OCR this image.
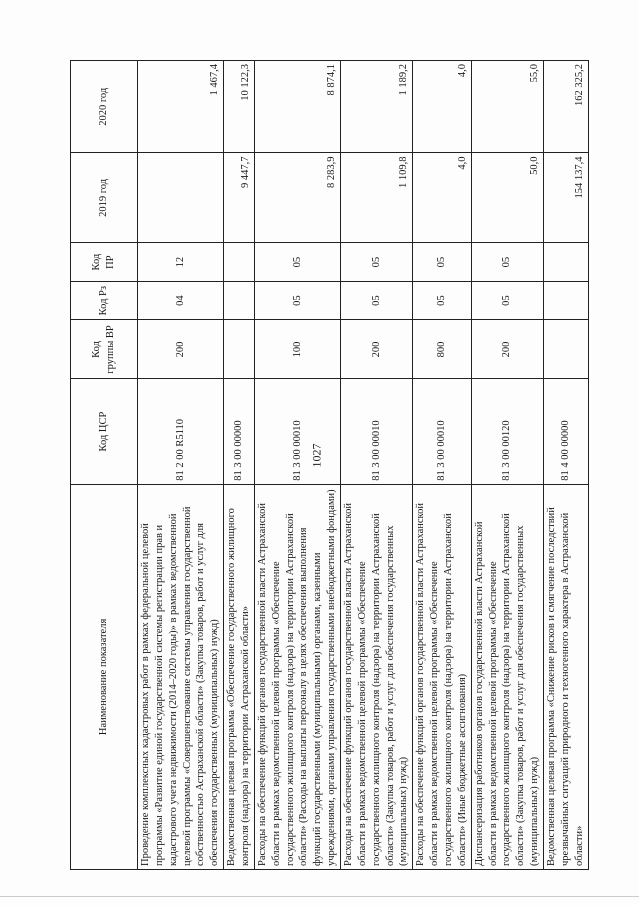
1027
Наименование показателя	Код ЦСР	Код группы ВР	Код Рз	Код ПР	2019 год	2020 год
Проведение комплексных кадастровых работ в рамках федеральной целевой программы «Развитие единой государственной системы регистрации прав и кадастрового учета недвижимости (2014–2020 годы)» в рамках ведомственной целевой программы «Совершенствование системы управления государственной собственностью Астраханской области» (Закупка товаров, работ и услуг для обеспечения государственных (муниципальных) нужд)	81 2 00 R5110	200	04	12		1 467,4
Ведомственная целевая программа «Обеспечение государственного жилищного контроля (надзора) на территории Астраханской области»	81 3 00 00000				9 447,7	10 122,3
Расходы на обеспечение функций органов государственной власти Астраханской области в рамках ведомственной целевой программы «Обеспечение государственного жилищного контроля (надзора) на территории Астраханской области» (Расходы на выплаты персоналу в целях обеспечения выполнения функций государственными (муниципальными) органами, казенными учреждениями, органами управления государственными внебюджетными фондами)	81 3 00 00010	100	05	05	8 283,9	8 874,1
Расходы на обеспечение функций органов государственной власти Астраханской области в рамках ведомственной целевой программы «Обеспечение государственного жилищного контроля (надзора) на территории Астраханской области» (Закупка товаров, работ и услуг для обеспечения государственных (муниципальных) нужд)	81 3 00 00010	200	05	05	1 109,8	1 189,2
Расходы на обеспечение функций органов государственной власти Астраханской области в рамках ведомственной целевой программы «Обеспечение государственного жилищного контроля (надзора) на территории Астраханской области» (Иные бюджетные ассигнования)	81 3 00 00010	800	05	05	4,0	4,0
Диспансеризация работников органов государственной власти Астраханской области в рамках ведомственной целевой программы «Обеспечение государственного жилищного контроля (надзора) на территории Астраханской области» (Закупка товаров, работ и услуг для обеспечения государственных (муниципальных) нужд)	81 3 00 00120	200	05	05	50,0	55,0
Ведомственная целевая программа «Снижение рисков и смягчение последствий чрезвычайных ситуаций природного и техногенного характера в Астраханской области»	81 4 00 00000				154 137,4	162 325,2
